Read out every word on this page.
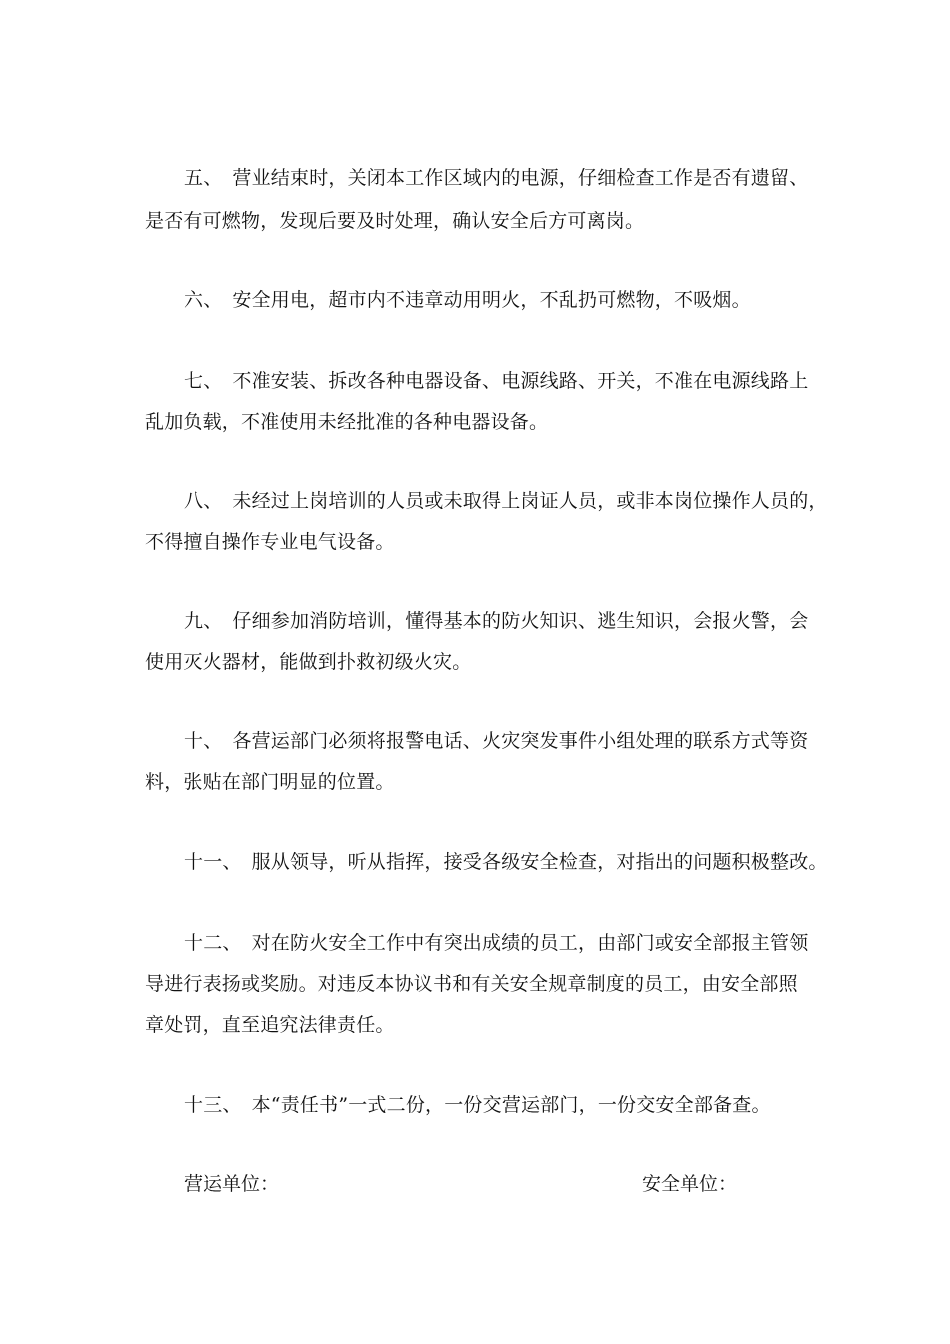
五、 营业结束时，关闭本工作区域内的电源，仔细检查工作是否有遗留、
是否有可燃物，发现后要及时处理，确认安全后方可离岗。
六、 安全用电，超市内不违章动用明火，不乱扔可燃物，不吸烟。
七、 不准安装、拆改各种电器设备、电源线路、开关，不准在电源线路上
乱加负载，不准使用未经批准的各种电器设备。
八、 未经过上岗培训的人员或未取得上岗证人员，或非本岗位操作人员的，
不得擅自操作专业电气设备。
九、 仔细参加消防培训，懂得基本的防火知识、逃生知识，会报火警，会
使用灭火器材，能做到扑救初级火灾。
十、 各营运部门必须将报警电话、火灾突发事件小组处理的联系方式等资
料，张贴在部门明显的位置。
十一、 服从领导，听从指挥，接受各级安全检查，对指出的问题积极整改。
十二、 对在防火安全工作中有突出成绩的员工，由部门或安全部报主管领
导进行表扬或奖励。对违反本协议书和有关安全规章制度的员工，由安全部照
章处罚，直至追究法律责任。
十三、 本“责任书”一式二份，一份交营运部门，一份交安全部备查。
营运单位：	安全单位：
